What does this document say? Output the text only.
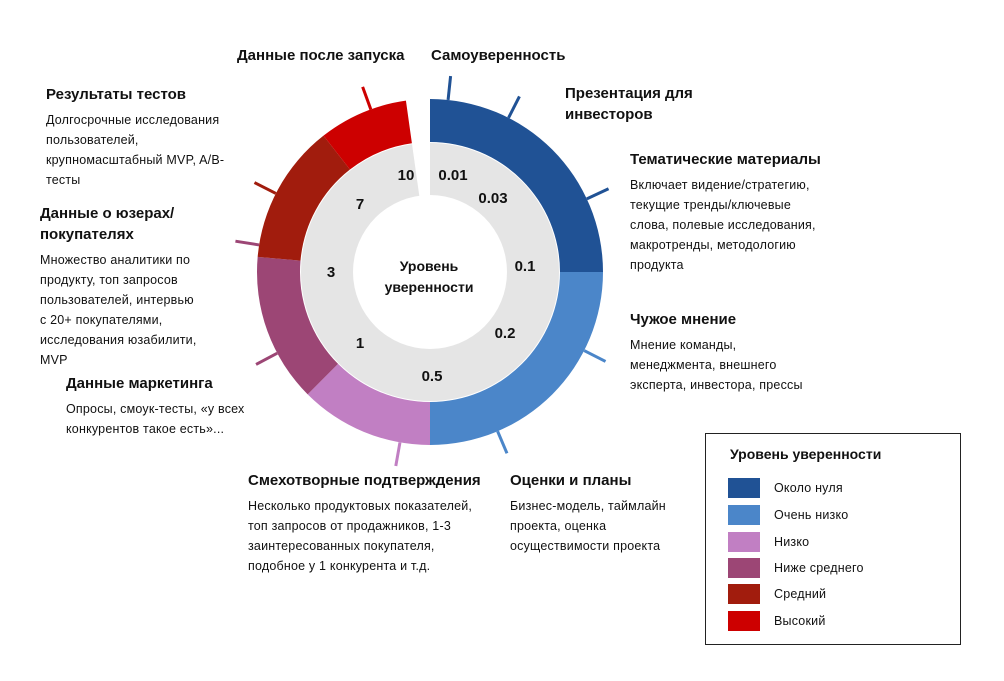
0.01
0.03
0.1
0.2
0.5
1
3
7
10
Уровень
уверенности
Самоуверенность
Презентация для инвесторов
Тематические материалы
Включает видение/стратегию,
текущие тренды/ключевые
слова, полевые исследования,
макротренды, методологию
продукта
Чужое мнение
Мнение команды,
менеджмента, внешнего
эксперта, инвестора, прессы
Оценки и планы
Бизнес-модель, таймлайн
проекта, оценка
осуществимости проекта
Смехотворные подтверждения
Несколько продуктовых показателей,
топ запросов от продажников, 1-3
заинтересованных покупателя,
подобное у 1 конкурента и т.д.
Данные маркетинга
Опросы, смоук-тесты, «у всех
конкурентов такое есть»...
Данные о юзерах/покупателях
Множество аналитики по
продукту, топ запросов
пользователей, интервью
с 20+ покупателями,
исследования юзабилити,
MVP
Результаты тестов
Долгосрочные исследования
пользователей,
крупномасштабный MVP, A/B-
тесты
Данные после запуска
Уровень уверенности
Около нуля
Очень низко
Низко
Ниже среднего
Средний
Высокий
